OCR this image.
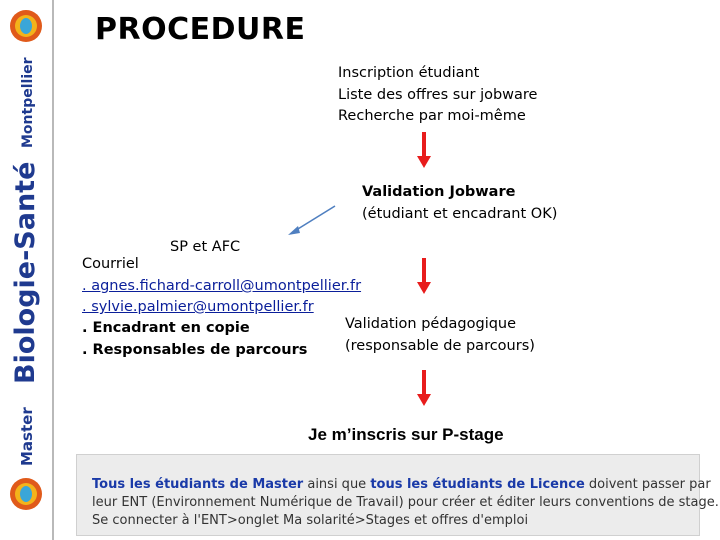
Montpellier
Biologie-Santé
Master
PROCEDURE
Inscription étudiant
Liste des offres sur jobware
Recherche par moi-même
Validation Jobware
(étudiant et encadrant OK)
SP et AFC
Courriel
. agnes.fichard-carroll@umontpellier.fr
. sylvie.palmier@umontpellier.fr
. Encadrant en copie
. Responsables de parcours
Validation pédagogique
(responsable de parcours)
Je m’inscris sur P-stage
Tous les étudiants de Master ainsi que tous les étudiants de Licence doivent passer par
leur ENT (Environnement Numérique de Travail) pour créer et éditer leurs conventions de stage.
Se connecter à l'ENT>onglet Ma solarité>Stages et offres d'emploi
